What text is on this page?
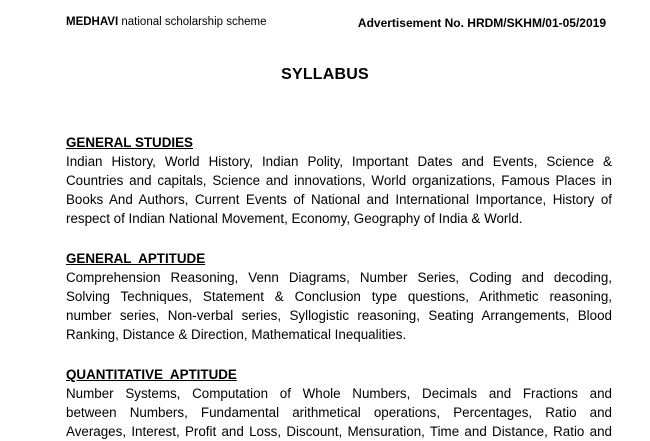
MEDHAVI national scholarship scheme	Advertisement No. HRDM/SKHM/01-05/2019
SYLLABUS
GENERAL STUDIES
Indian History, World History, Indian Polity, Important Dates and Events, Science &
Countries and capitals, Science and innovations, World organizations, Famous Places in
Books And Authors, Current Events of National and International Importance, History of
respect of Indian National Movement, Economy, Geography of India & World.
GENERAL  APTITUDE
Comprehension Reasoning, Venn Diagrams, Number Series, Coding and decoding,
Solving Techniques, Statement & Conclusion type questions, Arithmetic reasoning,
number series, Non-verbal series, Syllogistic reasoning, Seating Arrangements, Blood
Ranking, Distance & Direction, Mathematical Inequalities.
QUANTITATIVE  APTITUDE
Number Systems, Computation of Whole Numbers, Decimals and Fractions and
between Numbers, Fundamental arithmetical operations, Percentages, Ratio and
Averages, Interest, Profit and Loss, Discount, Mensuration, Time and Distance, Ratio and
